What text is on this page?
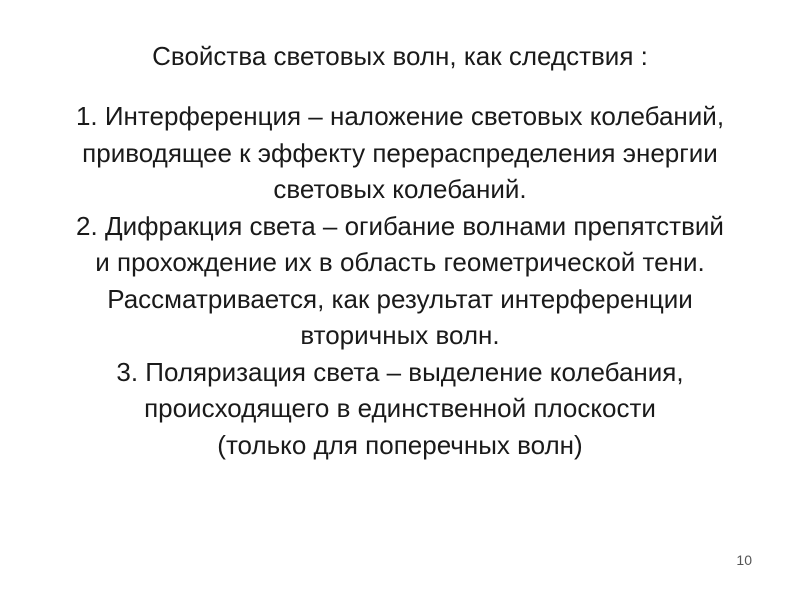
Свойства световых волн, как следствия :
1. Интерференция – наложение световых колебаний,
приводящее к эффекту перераспределения энергии
световых колебаний.
2. Дифракция света – огибание волнами препятствий
и прохождение их в область геометрической тени.
Рассматривается, как результат интерференции
вторичных волн.
3. Поляризация света – выделение колебания,
происходящего в единственной плоскости
(только для поперечных волн)
10
